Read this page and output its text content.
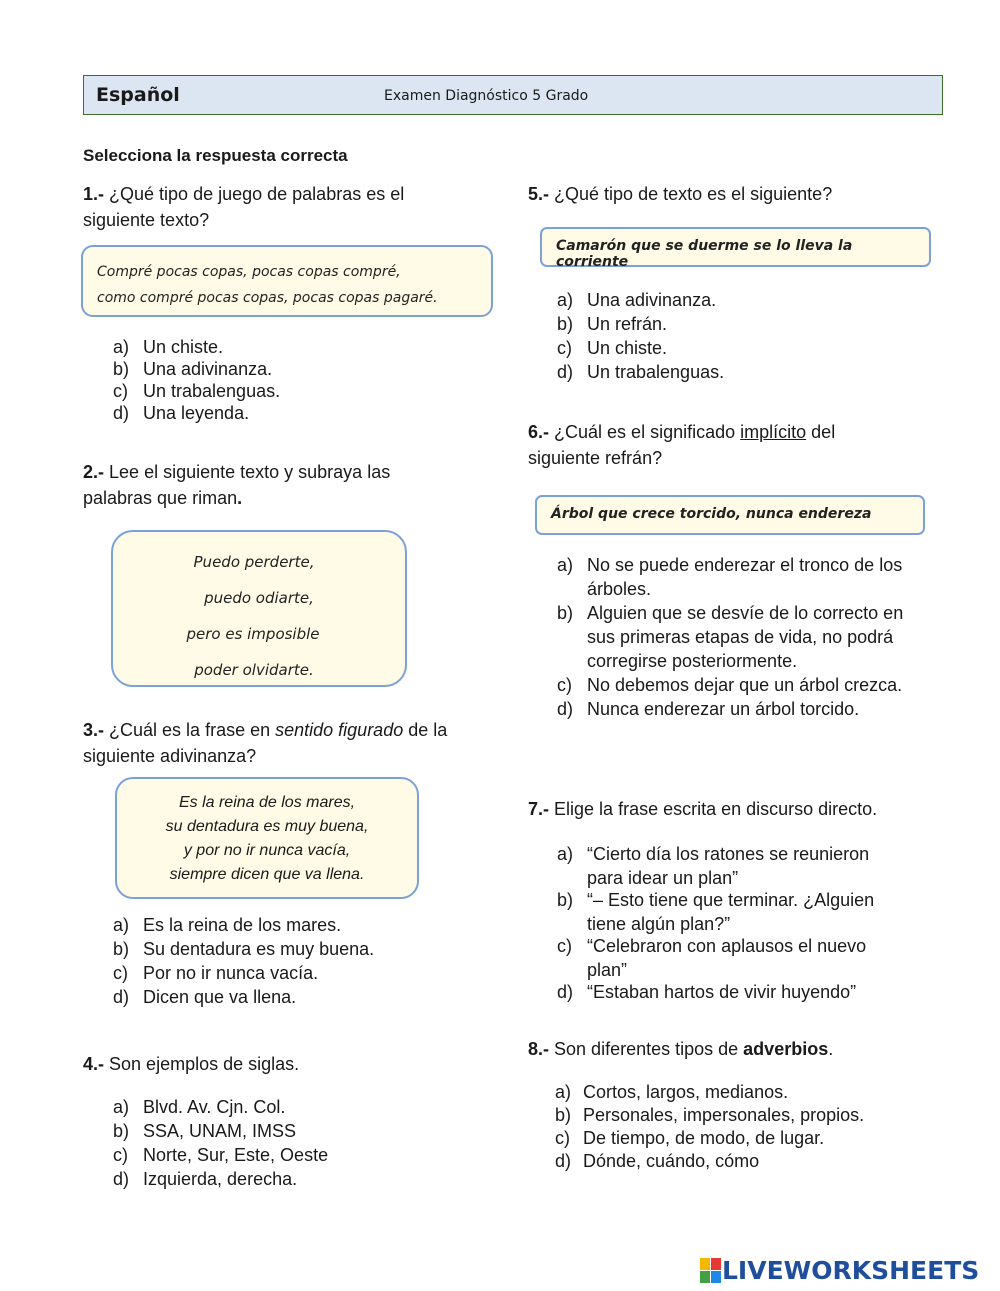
Español	Examen Diagnóstico 5 Grado
Selecciona la respuesta correcta
1.- ¿Qué tipo de juego de palabras es el siguiente texto?
Compré pocas copas, pocas copas compré,
como compré pocas copas, pocas copas pagaré.
a) Un chiste.
b) Una adivinanza.
c) Un trabalenguas.
d) Una leyenda.
2.- Lee el siguiente texto y subraya las palabras que riman.
Puedo perderte,
puedo odiarte,
pero es imposible
poder olvidarte.
3.- ¿Cuál es la frase en sentido figurado de la siguiente adivinanza?
Es la reina de los mares,
su dentadura es muy buena,
y por no ir nunca vacía,
siempre dicen que va llena.
a) Es la reina de los mares.
b) Su dentadura es muy buena.
c) Por no ir nunca vacía.
d) Dicen que va llena.
4.- Son ejemplos de siglas.
a) Blvd. Av. Cjn. Col.
b) SSA, UNAM, IMSS
c) Norte, Sur, Este, Oeste
d) Izquierda, derecha.
5.- ¿Qué tipo de texto es el siguiente?
Camarón que se duerme se lo lleva la corriente
a) Una adivinanza.
b) Un refrán.
c) Un chiste.
d) Un trabalenguas.
6.- ¿Cuál es el significado implícito del siguiente refrán?
Árbol que crece torcido, nunca endereza
a) No se puede enderezar el tronco de los árboles.
b) Alguien que se desvíe de lo correcto en sus primeras etapas de vida, no podrá corregirse posteriormente.
c) No debemos dejar que un árbol crezca.
d) Nunca enderezar un árbol torcido.
7.- Elige la frase escrita en discurso directo.
a) “Cierto día los ratones se reunieron para idear un plan”
b) “– Esto tiene que terminar. ¿Alguien tiene algún plan?”
c) “Celebraron con aplausos el nuevo plan”
d) “Estaban hartos de vivir huyendo”
8.- Son diferentes tipos de adverbios.
a) Cortos, largos, medianos.
b) Personales, impersonales, propios.
c) De tiempo, de modo, de lugar.
d) Dónde, cuándo, cómo
LIVEWORKSHEETS
